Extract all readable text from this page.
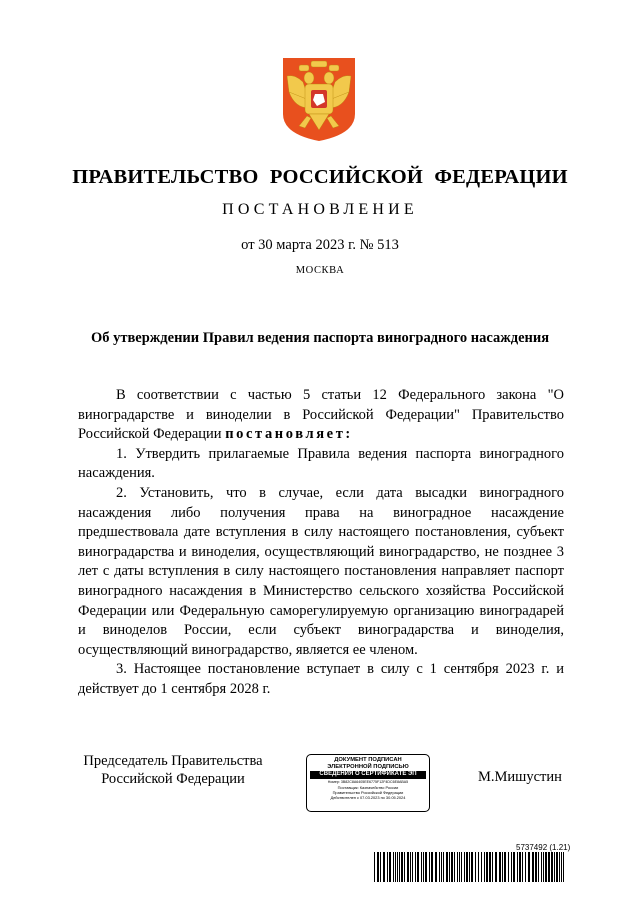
ПРАВИТЕЛЬСТВО РОССИЙСКОЙ ФЕДЕРАЦИИ
ПОСТАНОВЛЕНИЕ
от 30 марта 2023 г. № 513
МОСКВА
Об утверждении Правил ведения паспорта виноградного насаждения

В соответствии с частью 5 статьи 12 Федерального закона "О виноградарстве и виноделии в Российской Федерации" Правительство Российской Федерации постановляет:

1. Утвердить прилагаемые Правила ведения паспорта виноградного насаждения.

2. Установить, что в случае, если дата высадки виноградного насаждения либо получения права на виноградное насаждение предшествовала дате вступления в силу настоящего постановления, субъект виноградарства и виноделия, осуществляющий виноградарство, не позднее 3 лет с даты вступления в силу настоящего постановления направляет паспорт виноградного насаждения в Министерство сельского хозяйства Российской Федерации или Федеральную саморегулируемую организацию виноградарей и виноделов России, если субъект виноградарства и виноделия, осуществляющий виноградарство, является ее членом.

3. Настоящее постановление вступает в силу с 1 сентября 2023 г. и действует до 1 сентября 2028 г.

Председатель Правительства
Российской Федерации
ДОКУМЕНТ ПОДПИСАН
ЭЛЕКТРОННОЙ ПОДПИСЬЮ
СВЕДЕНИЯ О СЕРТИФИКАТЕ ЭП
Номер: 3B82C8A6405EE6775F12F4DC6E8ABA5
Поставщик: Казначейство России
Правительство Российской Федерации
Действителен с 07.03.2023 по 30.05.2024
М.Мишустин
5737492 (1.21)
